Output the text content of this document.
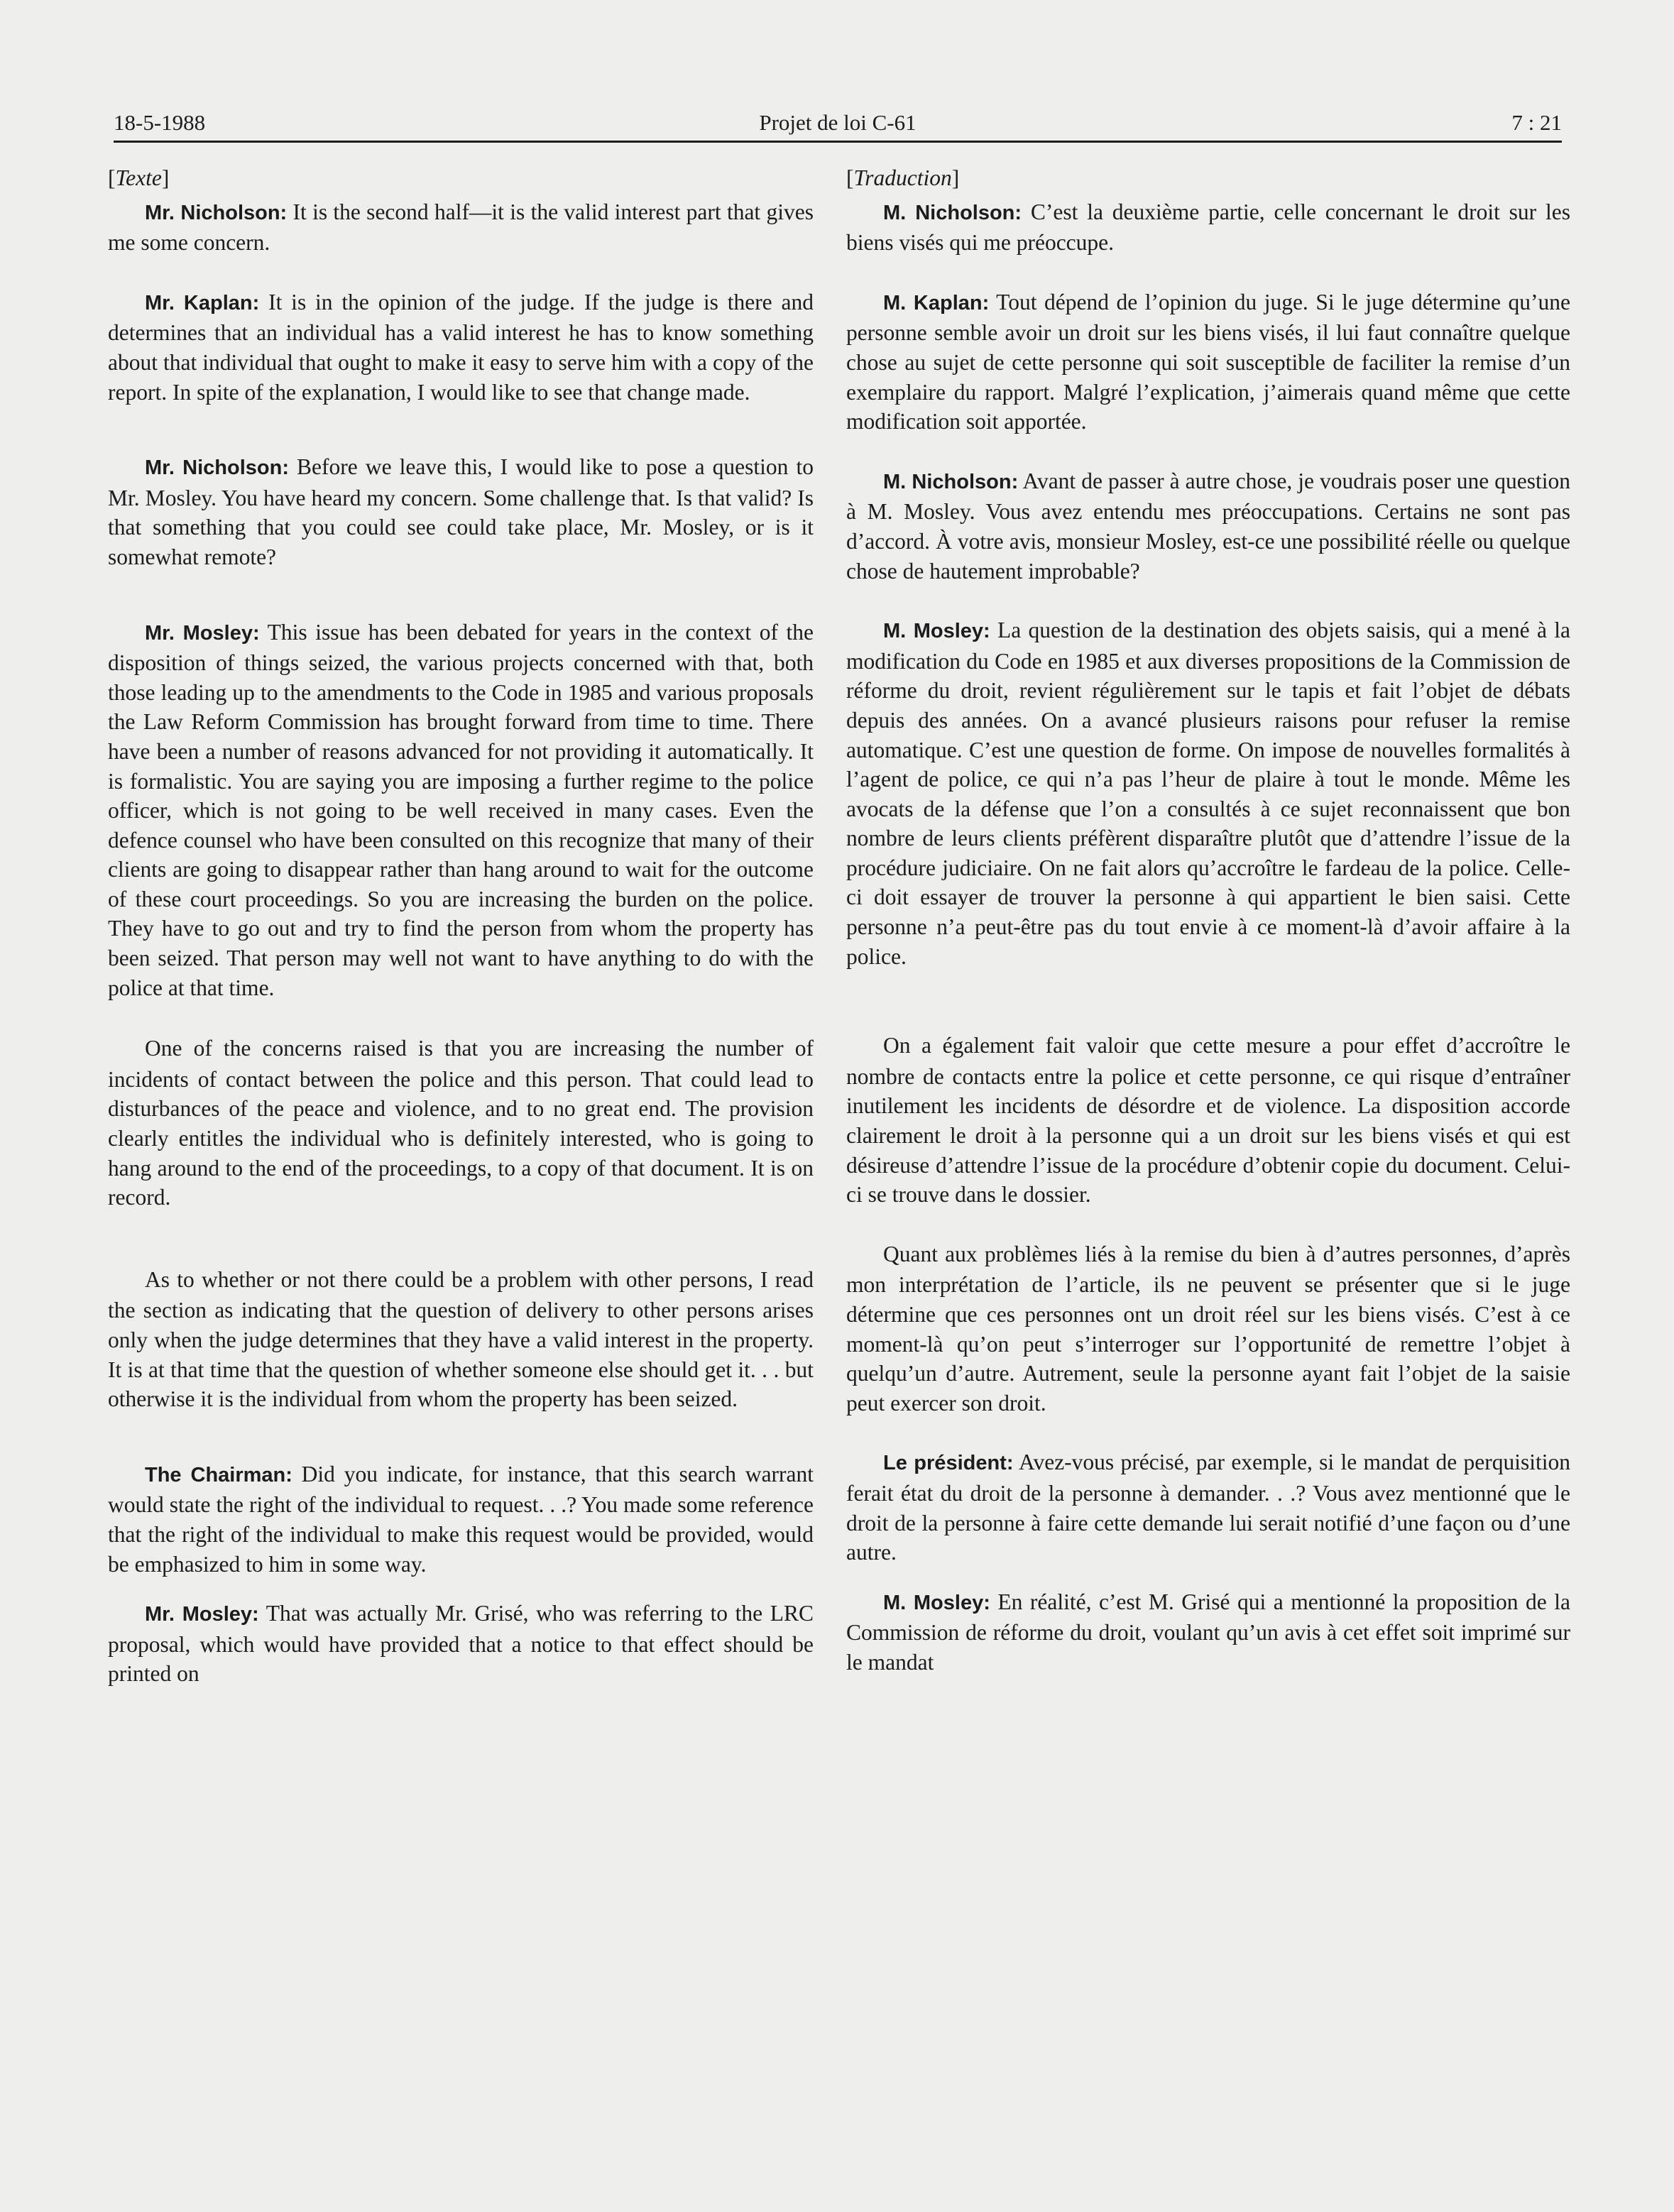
18-5-1988	Projet de loi C-61	7 : 21

[Texte]

Mr. Nicholson: It is the second half—it is the valid interest part that gives me some concern.

Mr. Kaplan: It is in the opinion of the judge. If the judge is there and determines that an individual has a valid interest he has to know something about that individual that ought to make it easy to serve him with a copy of the report. In spite of the explanation, I would like to see that change made.

Mr. Nicholson: Before we leave this, I would like to pose a question to Mr. Mosley. You have heard my concern. Some challenge that. Is that valid? Is that something that you could see could take place, Mr. Mosley, or is it somewhat remote?

Mr. Mosley: This issue has been debated for years in the context of the disposition of things seized, the various projects concerned with that, both those leading up to the amendments to the Code in 1985 and various proposals the Law Reform Commission has brought forward from time to time. There have been a number of reasons advanced for not providing it automatically. It is formalistic. You are saying you are imposing a further regime to the police officer, which is not going to be well received in many cases. Even the defence counsel who have been consulted on this recognize that many of their clients are going to disappear rather than hang around to wait for the outcome of these court proceedings. So you are increasing the burden on the police. They have to go out and try to find the person from whom the property has been seized. That person may well not want to have anything to do with the police at that time.

One of the concerns raised is that you are increasing the number of incidents of contact between the police and this person. That could lead to disturbances of the peace and violence, and to no great end. The provision clearly entitles the individual who is definitely interested, who is going to hang around to the end of the proceedings, to a copy of that document. It is on record.

As to whether or not there could be a problem with other persons, I read the section as indicating that the question of delivery to other persons arises only when the judge determines that they have a valid interest in the property. It is at that time that the question of whether someone else should get it. . . but otherwise it is the individual from whom the property has been seized.

The Chairman: Did you indicate, for instance, that this search warrant would state the right of the individual to request. . .? You made some reference that the right of the individual to make this request would be provided, would be emphasized to him in some way.

Mr. Mosley: That was actually Mr. Grisé, who was referring to the LRC proposal, which would have provided that a notice to that effect should be printed on

[Traduction]

M. Nicholson: C’est la deuxième partie, celle concernant le droit sur les biens visés qui me préoccupe.

M. Kaplan: Tout dépend de l’opinion du juge. Si le juge détermine qu’une personne semble avoir un droit sur les biens visés, il lui faut connaître quelque chose au sujet de cette personne qui soit susceptible de faciliter la remise d’un exemplaire du rapport. Malgré l’explication, j’aimerais quand même que cette modification soit apportée.

M. Nicholson: Avant de passer à autre chose, je voudrais poser une question à M. Mosley. Vous avez entendu mes préoccupations. Certains ne sont pas d’accord. À votre avis, monsieur Mosley, est-ce une possibilité réelle ou quelque chose de hautement improbable?

M. Mosley: La question de la destination des objets saisis, qui a mené à la modification du Code en 1985 et aux diverses propositions de la Commission de réforme du droit, revient régulièrement sur le tapis et fait l’objet de débats depuis des années. On a avancé plusieurs raisons pour refuser la remise automatique. C’est une question de forme. On impose de nouvelles formalités à l’agent de police, ce qui n’a pas l’heur de plaire à tout le monde. Même les avocats de la défense que l’on a consultés à ce sujet reconnaissent que bon nombre de leurs clients préfèrent disparaître plutôt que d’attendre l’issue de la procédure judiciaire. On ne fait alors qu’accroître le fardeau de la police. Celle-ci doit essayer de trouver la personne à qui appartient le bien saisi. Cette personne n’a peut-être pas du tout envie à ce moment-là d’avoir affaire à la police.

On a également fait valoir que cette mesure a pour effet d’accroître le nombre de contacts entre la police et cette personne, ce qui risque d’entraîner inutilement les incidents de désordre et de violence. La disposition accorde clairement le droit à la personne qui a un droit sur les biens visés et qui est désireuse d’attendre l’issue de la procédure d’obtenir copie du document. Celui-ci se trouve dans le dossier.

Quant aux problèmes liés à la remise du bien à d’autres personnes, d’après mon interprétation de l’article, ils ne peuvent se présenter que si le juge détermine que ces personnes ont un droit réel sur les biens visés. C’est à ce moment-là qu’on peut s’interroger sur l’opportunité de remettre l’objet à quelqu’un d’autre. Autrement, seule la personne ayant fait l’objet de la saisie peut exercer son droit.

Le président: Avez-vous précisé, par exemple, si le mandat de perquisition ferait état du droit de la personne à demander. . .? Vous avez mentionné que le droit de la personne à faire cette demande lui serait notifié d’une façon ou d’une autre.

M. Mosley: En réalité, c’est M. Grisé qui a mentionné la proposition de la Commission de réforme du droit, voulant qu’un avis à cet effet soit imprimé sur le mandat
